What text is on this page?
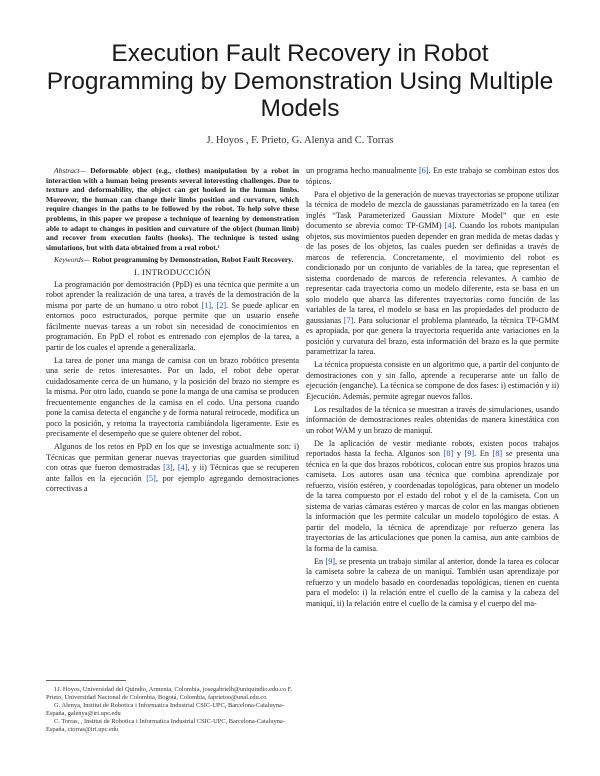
Execution Fault Recovery in Robot Programming by Demonstration Using Multiple Models
J. Hoyos , F. Prieto, G. Alenya and C. Torras

Abstract— Deformable object (e.g., clothes) manipulation by a robot in interaction with a human being presents several interesting challenges. Due to texture and deformability, the object can get hooked in the human limbs. Moreover, the human can change their limbs position and curvature, which require changes in the paths to be followed by the robot. To help solve these problems, in this paper we propose a technique of learning by demonstration able to adapt to changes in position and curvature of the object (human limb) and recover from execution faults (hooks). The technique is tested using simulations, but with data obtained from a real robot.¹

Keywords— Robot programming by Demonstration, Robot Fault Recovery.

I. INTRODUCCIÓN

La programación por demostración (PpD) es una técnica que permite a un robot aprender la realización de una tarea, a través de la demostración de la misma por parte de un humano u otro robot [1], [2]. Se puede aplicar en entornos poco estructurados, porque permite que un usuario enseñe fácilmente nuevas tareas a un robot sin necesidad de conocimientos en programación. En PpD el robot es entrenado con ejemplos de la tarea, a partir de los cuales el aprende a generalizarla.

La tarea de poner una manga de camisa con un brazo robótico presenta una serie de retos interesantes. Por un lado, el robot debe operar cuidadosamente cerca de un humano, y la posición del brazo no siempre es la misma. Por otro lado, cuando se pone la manga de una camisa se producen frecuentemente enganches de la camisa en el codo. Una persona cuando pone la camisa detecta el enganche y de forma natural retrocede, modifica un poco la posición, y retoma la trayectoria cambiándola ligeramente. Este es precisamente el desempeño que se quiere obtener del robot.

Algunos de los retos en PpD en los que se investiga actualmente son: i) Técnicas que permitan generar nuevas trayectorias que guarden similitud con otras que fueron demostradas [3], [4], y ii) Técnicas que se recuperen ante fallos en la ejecución [5], por ejemplo agregando demostraciones correctivas a

1J. Hoyos, Universidad del Quindío, Armenia, Colombia, josegabrielh@uniquindio.edu.co F. Prieto, Universidad Nacional de Colombia, Bogotá, Colombia, faprietoo@unal.edu.co

G. Alenya, Institut de Robotica i Informatica Industrial CSIC-UPC, Barcelona-Cataluyna-España, galenya@iri.upc.edu

C. Torras, , Institut de Robotica i Informatica Industrial CSIC-UPC, Barcelona-Cataluyna-España, ctorras@iri.upc.edu

un programa hecho manualmente [6]. En este trabajo se combinan estos dos tópicos.

Para el objetivo de la generación de nuevas trayectorias se propone utilizar la técnica de modelo de mezcla de gaussianas parametrizado en la tarea (en inglés “Task Parameterized Gaussian Mixture Model” que en este documento se abrevia como: TP-GMM) [4]. Cuando los robots manipulan objetos, sus movimientos pueden depender en gran medida de metas dadas y de las poses de los objetos, las cuales pueden ser definidas a través de marcos de referencia. Concretamente, el movimiento del robot es condicionado por un conjunto de variables de la tarea, que representan el sistema coordenado de marcos de referencia relevantes. A cambio de representar cada trayectoria como un modelo diferente, esta se basa en un solo modelo que abarca las diferentes trayectorias como función de las variables de la tarea, el modelo se basa en las propiedades del producto de gaussianas [7]. Para solucionar el problema planteado, la técnica TP-GMM es apropiada, por que genera la trayectoria requerida ante variaciones en la posición y curvatura del brazo, esta información del brazo es la que permite parametrizar la tarea.

La técnica propuesta consiste en un algoritmo que, a partir del conjunto de demostraciones con y sin fallo, aprende a recuperarse ante un fallo de ejecución (enganche). La técnica se compone de dos fases: i) estimación y ii) Ejecución. Además, permite agregar nuevos fallos.

Los resultados de la técnica se muestran a través de simulaciones, usando información de demostraciones reales obtenidas de manera kinestática con un robot WAM y un brazo de maniquí.

De la aplicación de vestir mediante robots, existen pocos trabajos reportados hasta la fecha. Algunos son [8] y [9]. En [8] se presenta una técnica en la que dos brazos robóticos, colocan entre sus propios brazos una camiseta. Los autores usan una técnica que combina aprendizaje por refuerzo, visión estéreo, y coordenadas topológicas, para obtener un modelo de la tarea compuesto por el estado del robot y el de la camiseta. Con un sistema de varias cámaras estéreo y marcas de color en las mangas obtienen la información que les permite calcular un modelo topológico de estas. A partir del modelo, la técnica de aprendizaje por refuerzo genera las trayectorias de las articulaciones que ponen la camisa, aun ante cambios de la forma de la camisa.

En [9], se presenta un trabajo similar al anterior, donde la tarea es colocar la camiseta sobre la cabeza de un maniquí. También usan aprendizaje por refuerzo y un modelo basado en coordenadas topológicas, tienen en cuenta para el modelo: i) la relación entre el cuello de la camisa y la cabeza del maniquí, ii) la relación entre el cuello de la camisa y el cuerpo del ma-
